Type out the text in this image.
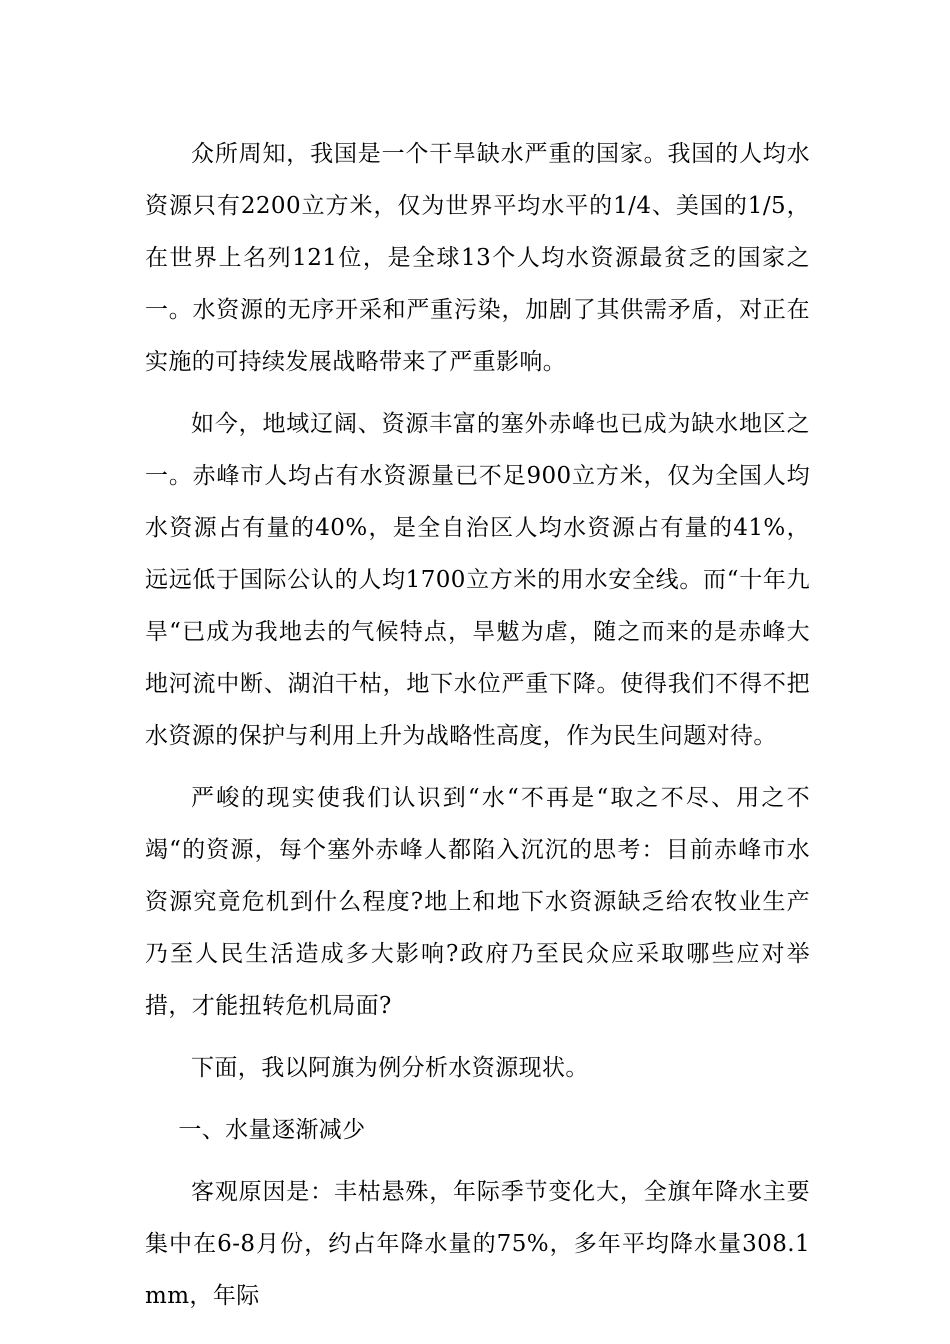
众所周知，我国是一个干旱缺水严重的国家。我国的人均水资源只有2200立方米，仅为世界平均水平的1/4、美国的1/5，在世界上名列121位，是全球13个人均水资源最贫乏的国家之一。水资源的无序开采和严重污染，加剧了其供需矛盾，对正在实施的可持续发展战略带来了严重影响。

如今，地域辽阔、资源丰富的塞外赤峰也已成为缺水地区之一。赤峰市人均占有水资源量已不足900立方米，仅为全国人均水资源占有量的40%，是全自治区人均水资源占有量的41%，远远低于国际公认的人均1700立方米的用水安全线。而“十年九旱“已成为我地去的气候特点，旱魃为虐，随之而来的是赤峰大地河流中断、湖泊干枯，地下水位严重下降。使得我们不得不把水资源的保护与利用上升为战略性高度，作为民生问题对待。

严峻的现实使我们认识到“水“不再是“取之不尽、用之不竭“的资源，每个塞外赤峰人都陷入沉沉的思考：目前赤峰市水资源究竟危机到什么程度?地上和地下水资源缺乏给农牧业生产乃至人民生活造成多大影响?政府乃至民众应采取哪些应对举措，才能扭转危机局面?

下面，我以阿旗为例分析水资源现状。

一、水量逐渐减少

客观原因是：丰枯悬殊，年际季节变化大，全旗年降水主要集中在6-8月份，约占年降水量的75%，多年平均降水量308.1mm，年际
